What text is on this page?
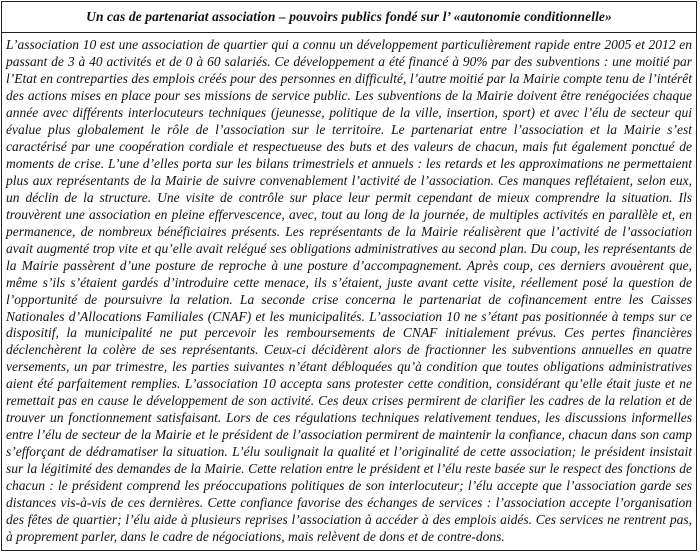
Un cas de partenariat association – pouvoirs publics fondé sur l’ «autonomie conditionnelle»

L’association 10 est une association de quartier qui a connu un développement particulièrement rapide entre 2005 et 2012 en passant de 3 à 40 activités et de 0 à 60 salariés. Ce développement a été financé à 90% par des subventions : une moitié par l’Etat en contreparties des emplois créés pour des personnes en difficulté, l’autre moitié par la Mairie compte tenu de l’intérêt des actions mises en place pour ses missions de service public. Les subventions de la Mairie doivent être renégociées chaque année avec différents interlocuteurs techniques (jeunesse, politique de la ville, insertion, sport) et avec l’élu de secteur qui évalue plus globalement le rôle de l’association sur le territoire. Le partenariat entre l’association et la Mairie s’est caractérisé par une coopération cordiale et respectueuse des buts et des valeurs de chacun, mais fut également ponctué de moments de crise. L’une d’elles porta sur les bilans trimestriels et annuels : les retards et les approximations ne permettaient plus aux représentants de la Mairie de suivre convenablement l’activité de l’association. Ces manques reflétaient, selon eux, un déclin de la structure. Une visite de contrôle sur place leur permit cependant de mieux comprendre la situation. Ils trouvèrent une association en pleine effervescence, avec, tout au long de la journée, de multiples activités en parallèle et, en permanence, de nombreux bénéficiaires présents. Les représentants de la Mairie réalisèrent que l’activité de l’association avait augmenté trop vite et qu’elle avait relégué ses obligations administratives au second plan. Du coup, les représentants de la Mairie passèrent d’une posture de reproche à une posture d’accompagnement. Après coup, ces derniers avouèrent que, même s’ils s’étaient gardés d’introduire cette menace, ils s’étaient, juste avant cette visite, réellement posé la question de l’opportunité de poursuivre la relation. La seconde crise concerna le partenariat de cofinancement entre les Caisses Nationales d’Allocations Familiales (CNAF) et les municipalités. L’association 10 ne s’étant pas positionnée à temps sur ce dispositif, la municipalité ne put percevoir les remboursements de CNAF initialement prévus. Ces pertes financières déclenchèrent la colère de ses représentants. Ceux-ci décidèrent alors de fractionner les subventions annuelles en quatre versements, un par trimestre, les parties suivantes n’étant débloquées qu’à condition que toutes obligations administratives aient été parfaitement remplies. L’association 10 accepta sans protester cette condition, considérant qu’elle était juste et ne remettait pas en cause le développement de son activité. Ces deux crises permirent de clarifier les cadres de la relation et de trouver un fonctionnement satisfaisant. Lors de ces régulations techniques relativement tendues, les discussions informelles entre l’élu de secteur de la Mairie et le président de l’association permirent de maintenir la confiance, chacun dans son camp s’efforçant de dédramatiser la situation. L’élu soulignait la qualité et l’originalité de cette association; le président insistait sur la légitimité des demandes de la Mairie. Cette relation entre le président et l’élu reste basée sur le respect des fonctions de chacun : le président comprend les préoccupations politiques de son interlocuteur; l’élu accepte que l’association garde ses distances vis-à-vis de ces dernières. Cette confiance favorise des échanges de services : l’association accepte l’organisation des fêtes de quartier; l’élu aide à plusieurs reprises l’association à accéder à des emplois aidés. Ces services ne rentrent pas, à proprement parler, dans le cadre de négociations, mais relèvent de dons et de contre-dons.
